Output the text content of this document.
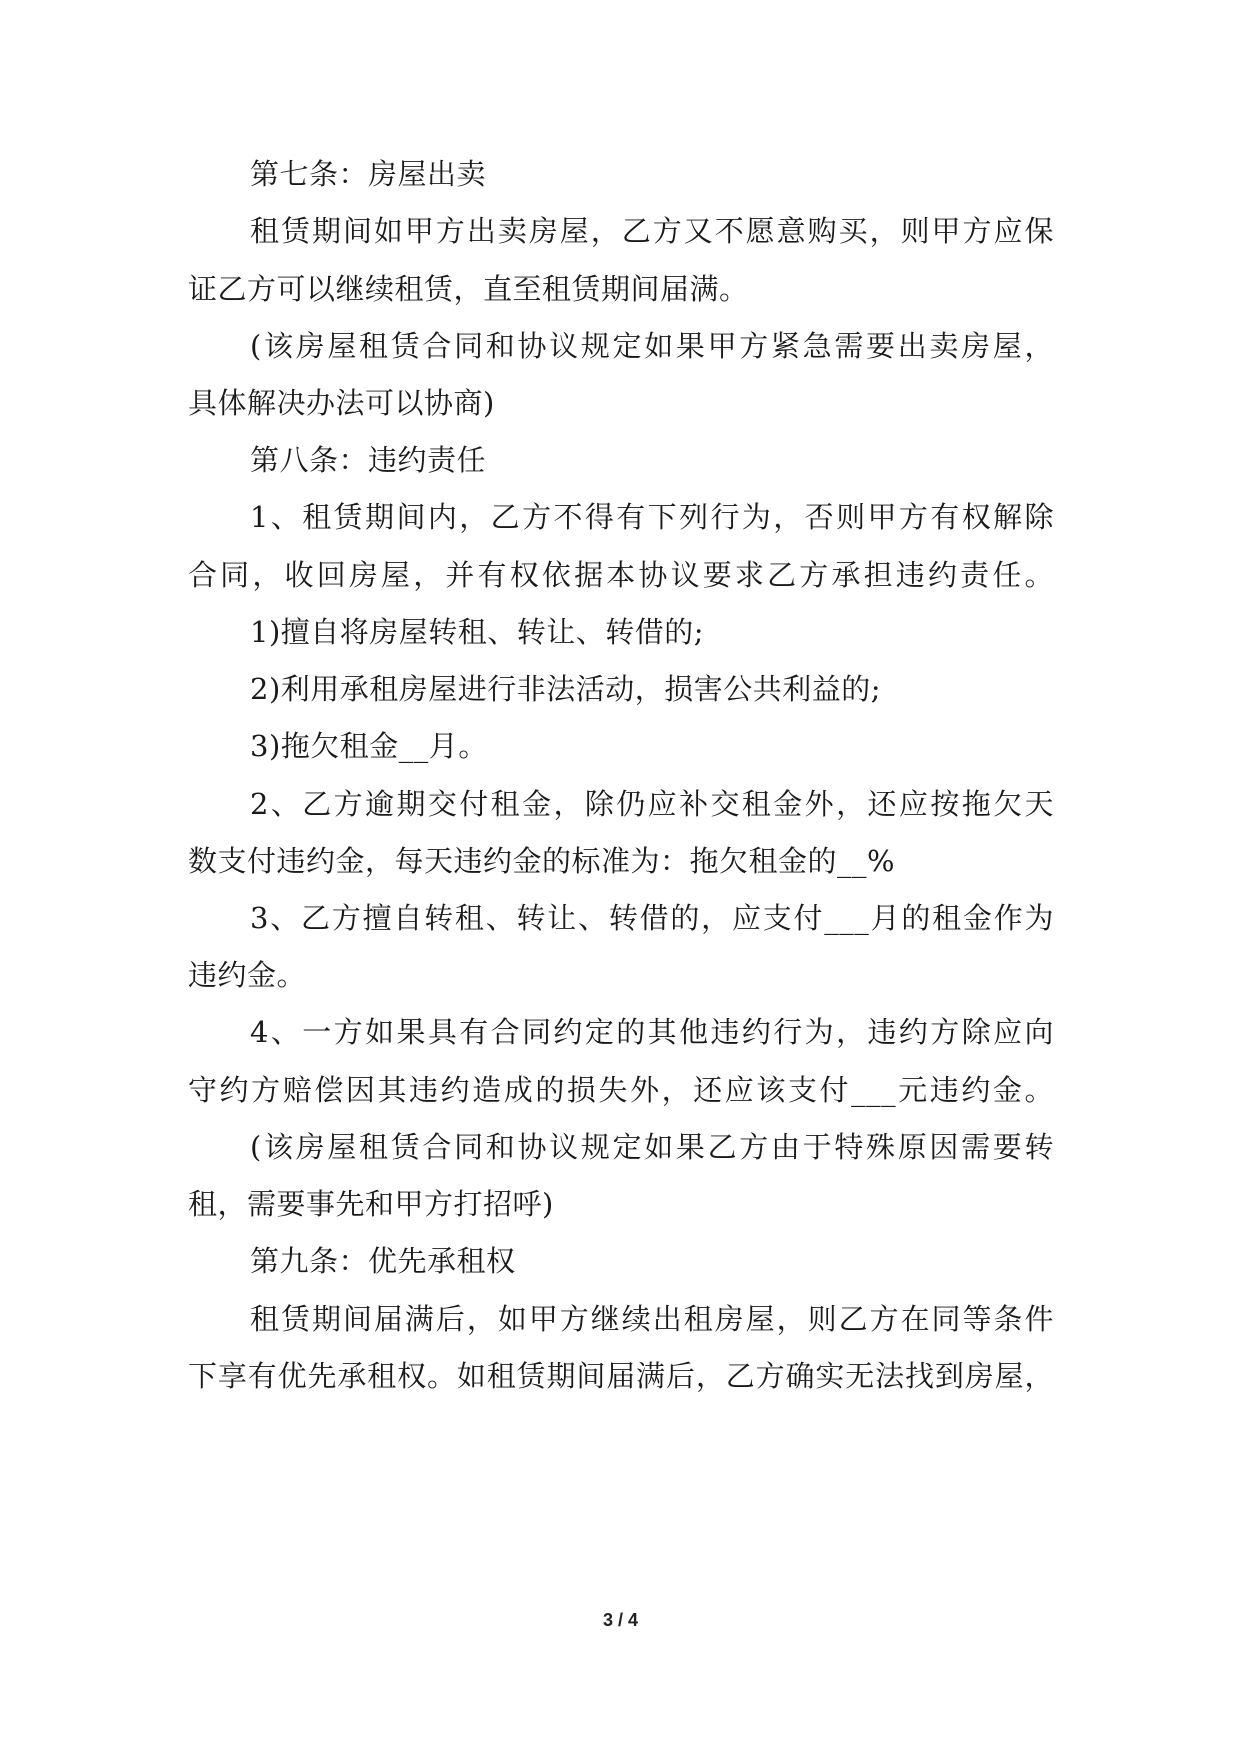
第七条：房屋出卖
租赁期间如甲方出卖房屋，乙方又不愿意购买，则甲方应保
证乙方可以继续租赁，直至租赁期间届满。
(该房屋租赁合同和协议规定如果甲方紧急需要出卖房屋，
具体解决办法可以协商)
第八条：违约责任
1、租赁期间内，乙方不得有下列行为，否则甲方有权解除
合同，收回房屋，并有权依据本协议要求乙方承担违约责任。
1)擅自将房屋转租、转让、转借的;
2)利用承租房屋进行非法活动，损害公共利益的;
3)拖欠租金__月。
2、乙方逾期交付租金，除仍应补交租金外，还应按拖欠天
数支付违约金，每天违约金的标准为：拖欠租金的__%
3、乙方擅自转租、转让、转借的，应支付___月的租金作为
违约金。
4、一方如果具有合同约定的其他违约行为，违约方除应向
守约方赔偿因其违约造成的损失外，还应该支付___元违约金。
(该房屋租赁合同和协议规定如果乙方由于特殊原因需要转
租，需要事先和甲方打招呼)
第九条：优先承租权
租赁期间届满后，如甲方继续出租房屋，则乙方在同等条件
下享有优先承租权。如租赁期间届满后，乙方确实无法找到房屋，
3 / 4
